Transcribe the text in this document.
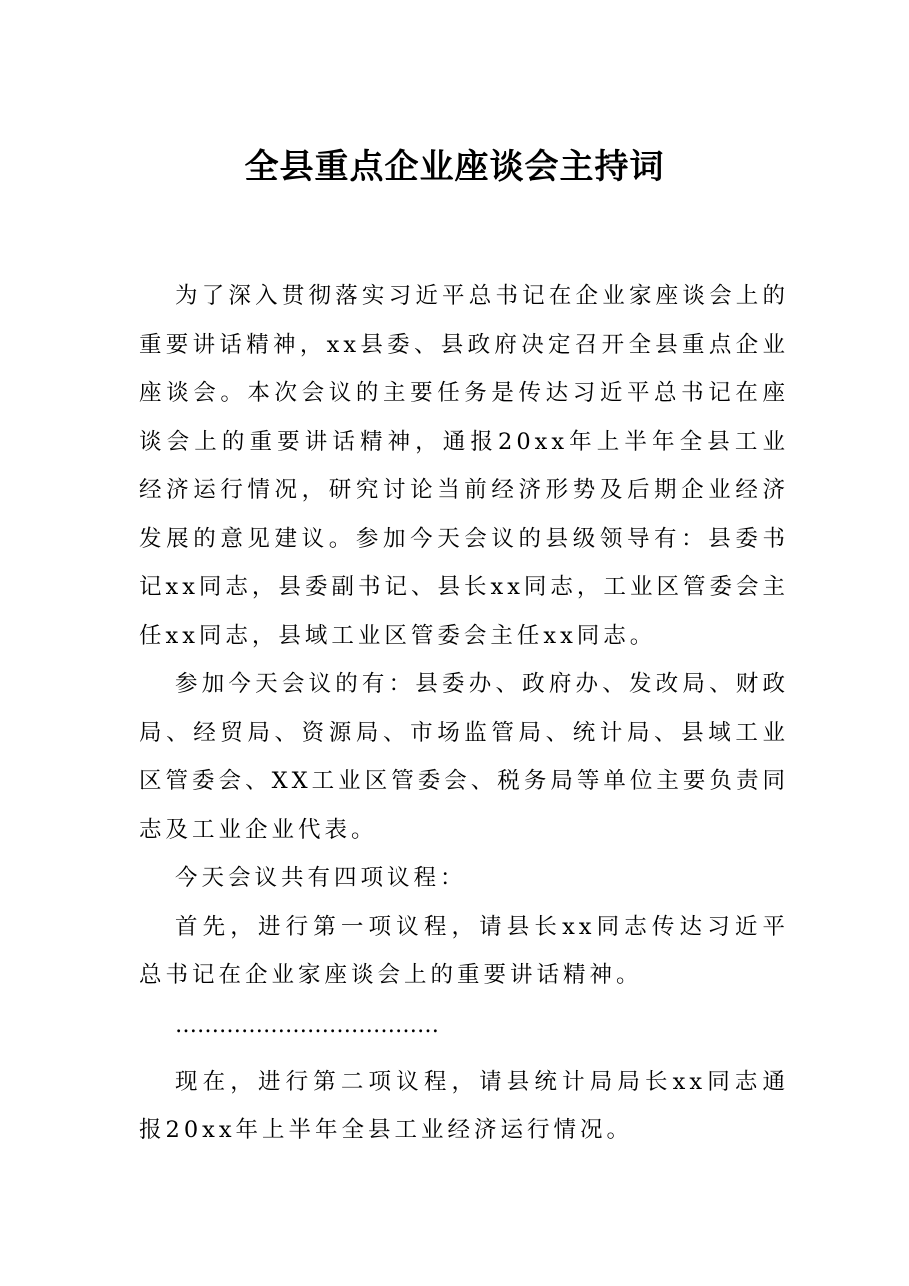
全县重点企业座谈会主持词

为了深入贯彻落实习近平总书记在企业家座谈会上的重要讲话精神，xx县委、县政府决定召开全县重点企业座谈会。本次会议的主要任务是传达习近平总书记在座谈会上的重要讲话精神，通报20xx年上半年全县工业经济运行情况，研究讨论当前经济形势及后期企业经济发展的意见建议。参加今天会议的县级领导有：县委书记xx同志，县委副书记、县长xx同志，工业区管委会主任xx同志，县域工业区管委会主任xx同志。

参加今天会议的有：县委办、政府办、发改局、财政局、经贸局、资源局、市场监管局、统计局、县域工业区管委会、XX工业区管委会、税务局等单位主要负责同志及工业企业代表。

今天会议共有四项议程：

首先，进行第一项议程，请县长xx同志传达习近平总书记在企业家座谈会上的重要讲话精神。

………………………………

现在，进行第二项议程，请县统计局局长xx同志通报20xx年上半年全县工业经济运行情况。
